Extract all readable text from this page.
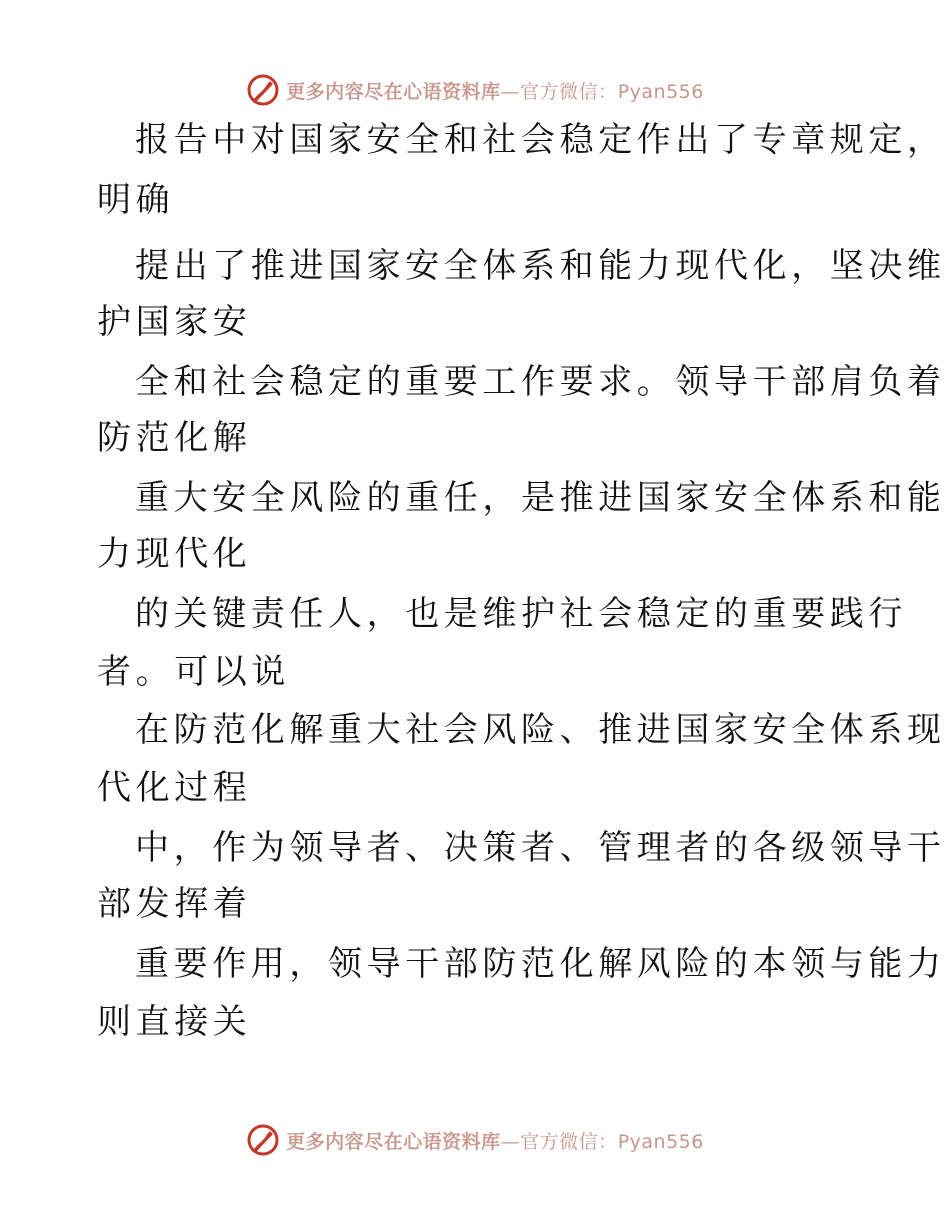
更多内容尽在心语资料库—官方微信：Pyan556
报告中对国家安全和社会稳定作出了专章规定，
明确
提出了推进国家安全体系和能力现代化，坚决维
护国家安
全和社会稳定的重要工作要求。领导干部肩负着
防范化解
重大安全风险的重任，是推进国家安全体系和能
力现代化
的关键责任人，也是维护社会稳定的重要践行
者。可以说
在防范化解重大社会风险、推进国家安全体系现
代化过程
中，作为领导者、决策者、管理者的各级领导干
部发挥着
重要作用，领导干部防范化解风险的本领与能力
则直接关
更多内容尽在心语资料库—官方微信：Pyan556
